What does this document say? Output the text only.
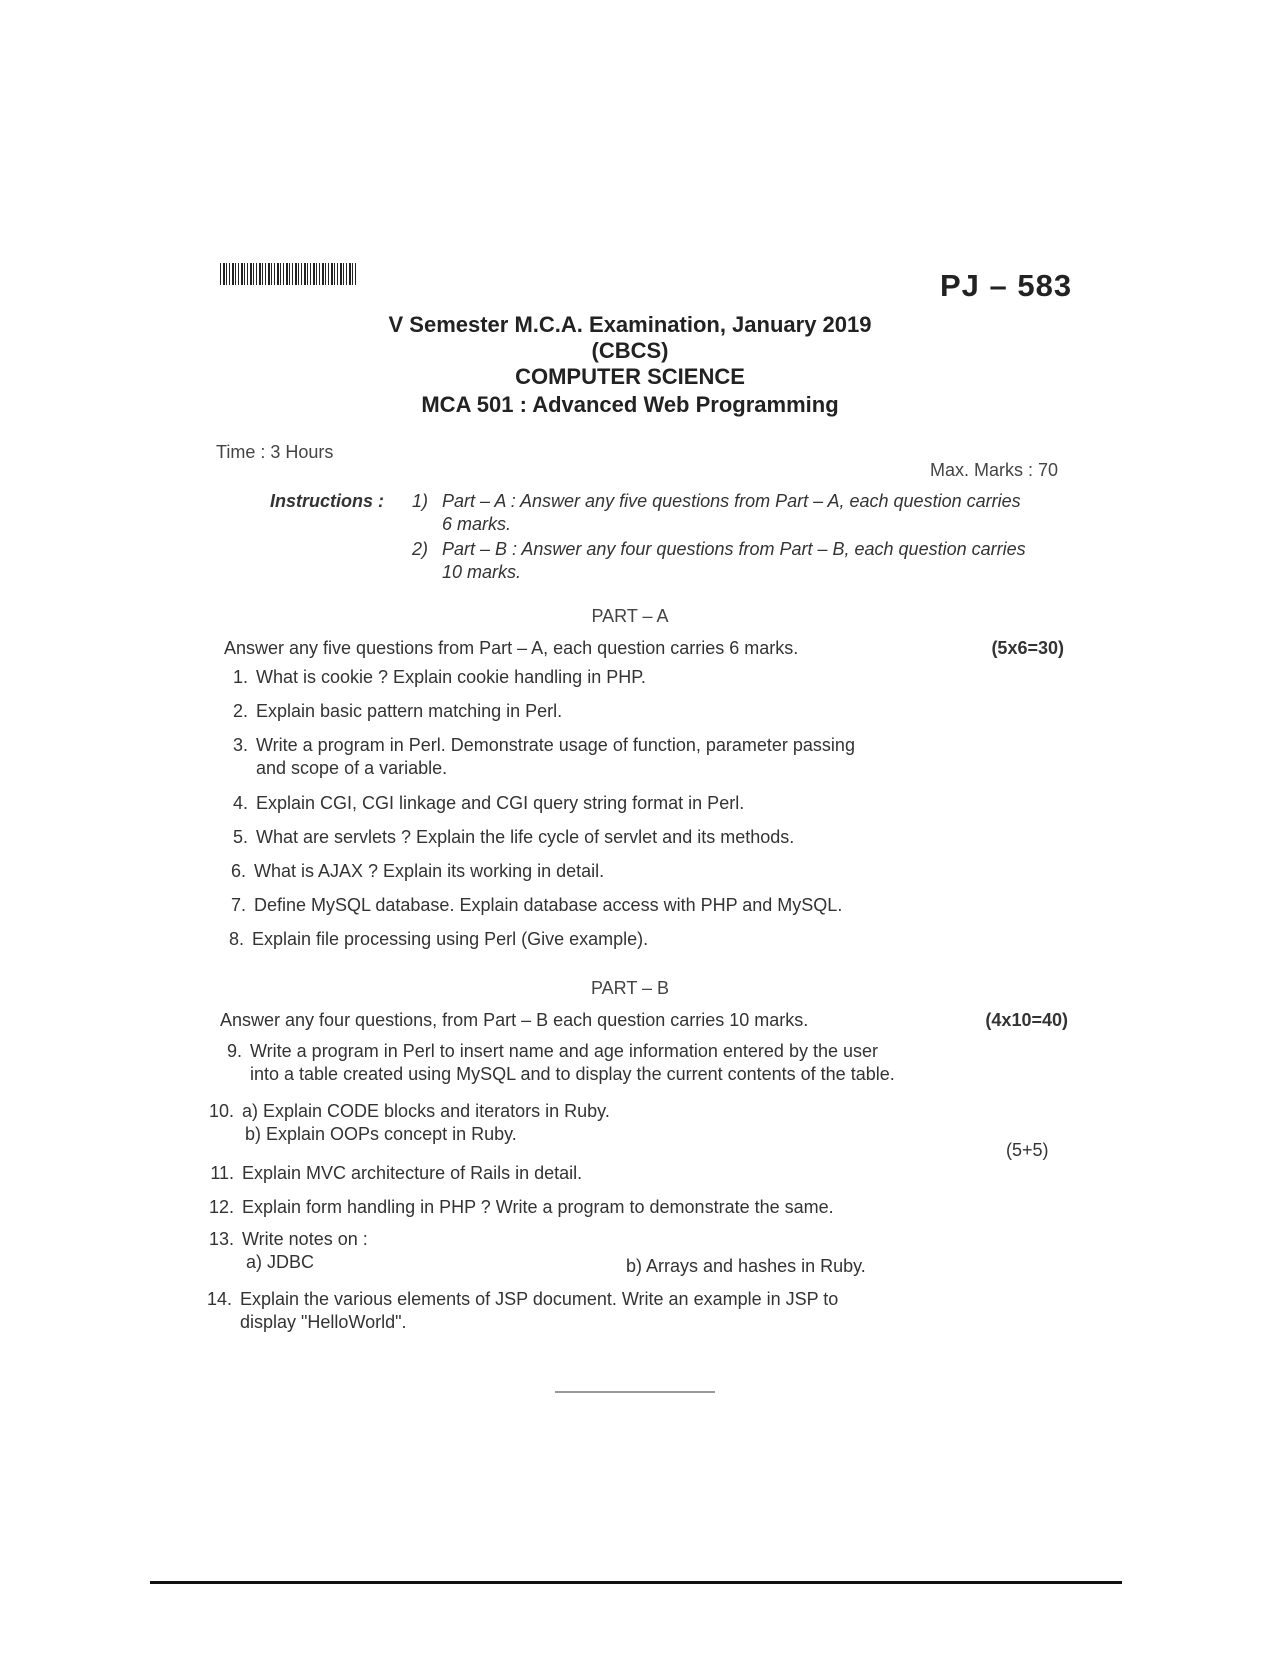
PJ – 583
V Semester M.C.A. Examination, January 2019
(CBCS)
COMPUTER SCIENCE
MCA 501 : Advanced Web Programming
Time : 3 Hours
Max. Marks : 70
Instructions :	1) Part – A : Answer any five questions from Part – A, each question carries 6 marks.
2) Part – B : Answer any four questions from Part – B, each question carries 10 marks.
PART – A
Answer any five questions from Part – A, each question carries 6 marks.	(5x6=30)
1. What is cookie ? Explain cookie handling in PHP.
2. Explain basic pattern matching in Perl.
3. Write a program in Perl. Demonstrate usage of function, parameter passing
and scope of a variable.
4. Explain CGI, CGI linkage and CGI query string format in Perl.
5. What are servlets ? Explain the life cycle of servlet and its methods.
6. What is AJAX ? Explain its working in detail.
7. Define MySQL database. Explain database access with PHP and MySQL.
8. Explain file processing using Perl (Give example).
PART – B
Answer any four questions, from Part – B each question carries 10 marks.	(4x10=40)
9. Write a program in Perl to insert name and age information entered by the user
into a table created using MySQL and to display the current contents of the table.
10. a) Explain CODE blocks and iterators in Ruby.
b) Explain OOPs concept in Ruby.
(5+5)
11. Explain MVC architecture of Rails in detail.
12. Explain form handling in PHP ? Write a program to demonstrate the same.
13. Write notes on :
a) JDBC	b) Arrays and hashes in Ruby.
14. Explain the various elements of JSP document. Write an example in JSP to
display "HelloWorld".
